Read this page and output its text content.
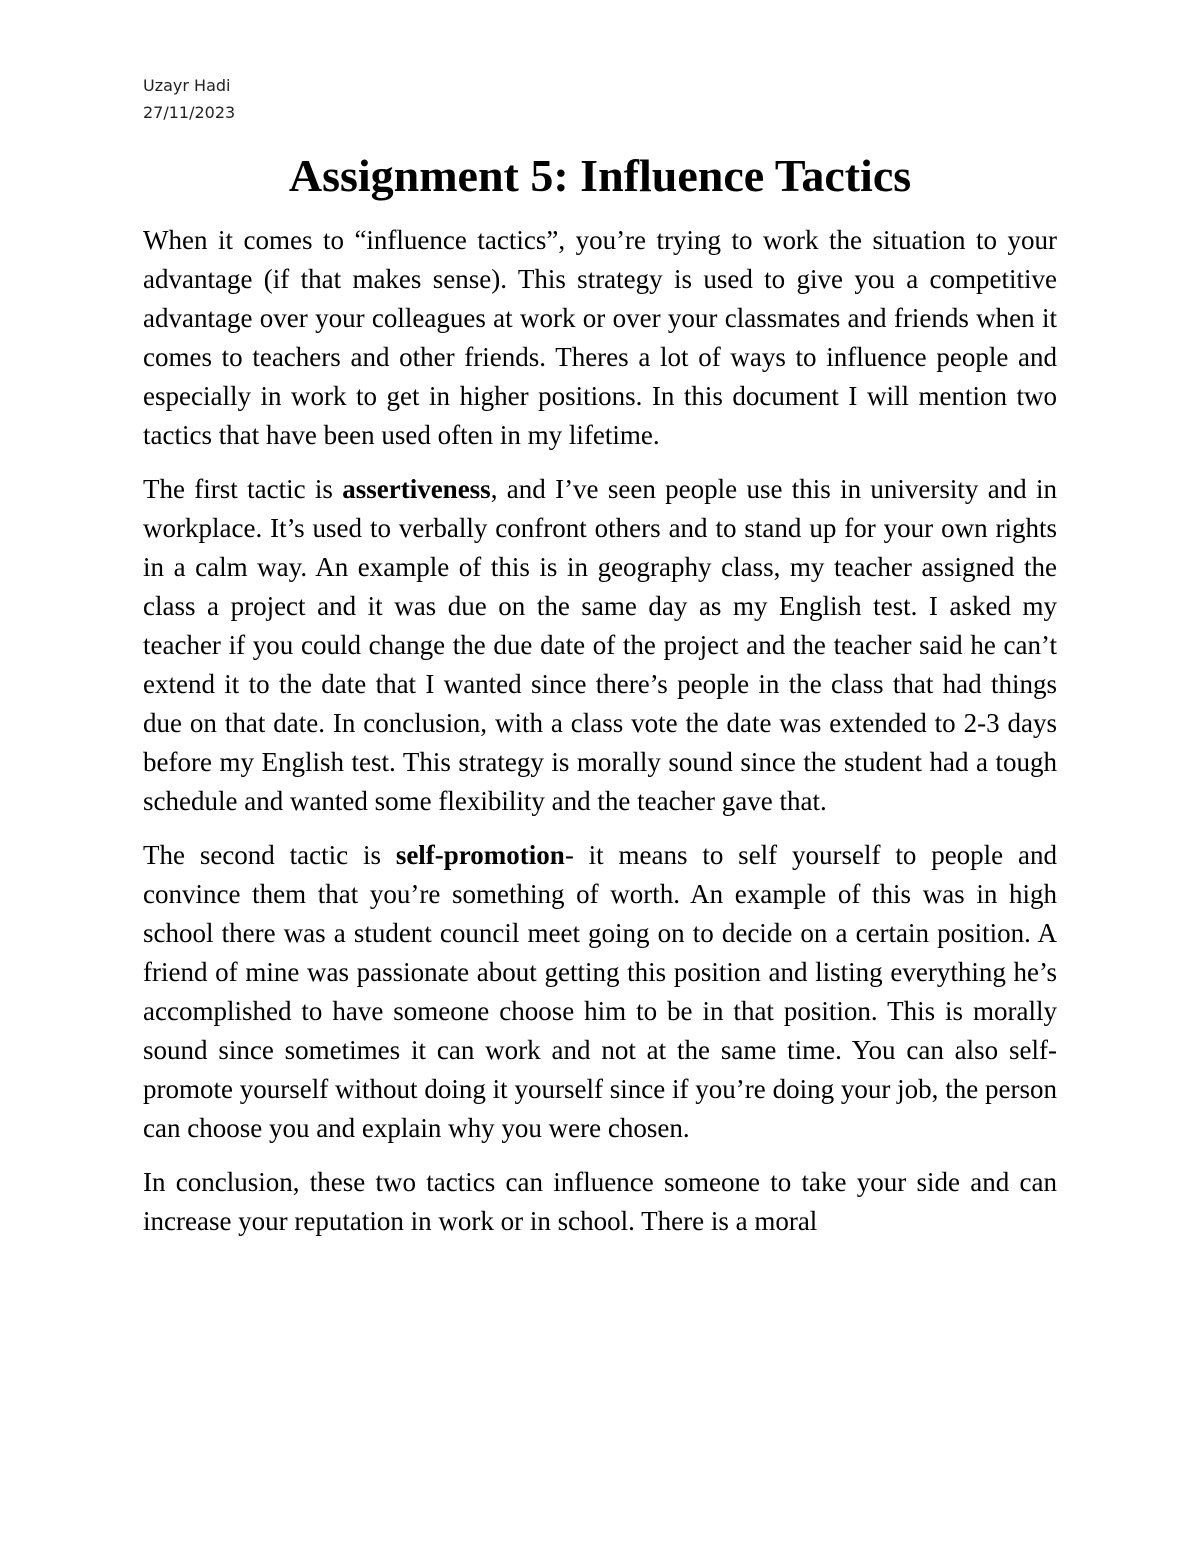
Uzayr Hadi
27/11/2023
Assignment 5: Influence Tactics

When it comes to “influence tactics”, you’re trying to work the situation to your advantage (if that makes sense). This strategy is used to give you a competitive advantage over your colleagues at work or over your classmates and friends when it comes to teachers and other friends. Theres a lot of ways to influence people and especially in work to get in higher positions. In this document I will mention two tactics that have been used often in my lifetime.

The first tactic is assertiveness, and I’ve seen people use this in university and in workplace. It’s used to verbally confront others and to stand up for your own rights in a calm way. An example of this is in geography class, my teacher assigned the class a project and it was due on the same day as my English test. I asked my teacher if you could change the due date of the project and the teacher said he can’t extend it to the date that I wanted since there’s people in the class that had things due on that date. In conclusion, with a class vote the date was extended to 2-3 days before my English test. This strategy is morally sound since the student had a tough schedule and wanted some flexibility and the teacher gave that.

The second tactic is self-promotion- it means to self yourself to people and convince them that you’re something of worth. An example of this was in high school there was a student council meet going on to decide on a certain position. A friend of mine was passionate about getting this position and listing everything he’s accomplished to have someone choose him to be in that position. This is morally sound since sometimes it can work and not at the same time. You can also self-promote yourself without doing it yourself since if you’re doing your job, the person can choose you and explain why you were chosen.

In conclusion, these two tactics can influence someone to take your side and can increase your reputation in work or in school. There is a moral
